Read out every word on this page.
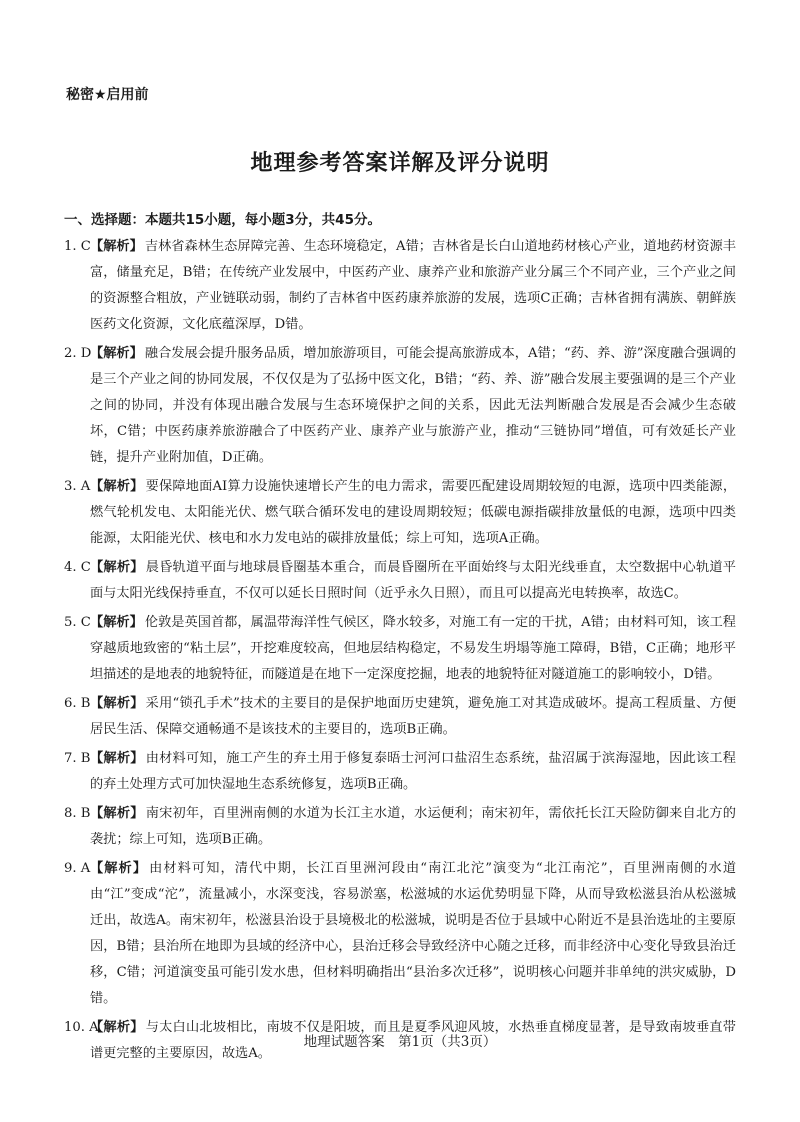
秘密★启用前
地理参考答案详解及评分说明
一、选择题：本题共15小题，每小题3分，共45分。
1. C 【解析】 吉林省森林生态屏障完善、生态环境稳定，A错；吉林省是长白山道地药材核心产业，道地药材资源丰富，储量充足，B错；在传统产业发展中，中医药产业、康养产业和旅游产业分属三个不同产业，三个产业之间的资源整合粗放，产业链联动弱，制约了吉林省中医药康养旅游的发展，选项C正确；吉林省拥有满族、朝鲜族医药文化资源，文化底蕴深厚，D错。
2. D
【解析】 融合发展会提升服务品质，增加旅游项目，可能会提高旅游成本，A错；“药、养、游”深度融合强调的是三个产业之间的协同发展，不仅仅是为了弘扬中医文化，B错；“药、养、游”融合发展主要强调的是三个产业之间的协同，并没有体现出融合发展与生态环境保护之间的关系，因此无法判断融合发展是否会减少生态破坏，C错；中医药康养旅游融合了中医药产业、康养产业与旅游产业，推动“三链协同”增值，可有效延长产业链，提升产业附加值，D正确。
3. A 【解析】 要保障地面AI算力设施快速增长产生的电力需求，需要匹配建设周期较短的电源，选项中四类能源，燃气轮机发电、太阳能光伏、燃气联合循环发电的建设周期较短；低碳电源指碳排放量低的电源，选项中四类能源，太阳能光伏、核电和水力发电站的碳排放量低；综上可知，选项A正确。
4. C 【解析】 晨昏轨道平面与地球晨昏圈基本重合，而晨昏圈所在平面始终与太阳光线垂直，太空数据中心轨道平面与太阳光线保持垂直，不仅可以延长日照时间（近乎永久日照），而且可以提高光电转换率，故选C。
5. C 【解析】 伦敦是英国首都，属温带海洋性气候区，降水较多，对施工有一定的干扰，A错；由材料可知，该工程穿越质地致密的“粘土层”，开挖难度较高，但地层结构稳定，不易发生坍塌等施工障碍，B错，C正确；地形平坦描述的是地表的地貌特征，而隧道是在地下一定深度挖掘，地表的地貌特征对隧道施工的影响较小，D错。
6. B 【解析】 采用“锁孔手术”技术的主要目的是保护地面历史建筑，避免施工对其造成破坏。提高工程质量、方便居民生活、保障交通畅通不是该技术的主要目的，选项B正确。
7. B 【解析】 由材料可知，施工产生的弃土用于修复泰晤士河河口盐沼生态系统，盐沼属于滨海湿地，因此该工程的弃土处理方式可加快湿地生态系统修复，选项B正确。
8. B 【解析】 南宋初年，百里洲南侧的水道为长江主水道，水运便利；南宋初年，需依托长江天险防御来自北方的袭扰；综上可知，选项B正确。
9. A 【解析】 由材料可知，清代中期，长江百里洲河段由“南江北沱”演变为“北江南沱”，百里洲南侧的水道由“江”变成“沱”，流量减小，水深变浅，容易淤塞，松滋城的水运优势明显下降，从而导致松滋县治从松滋城迁出，故选A。南宋初年，松滋县治设于县境极北的松滋城，说明是否位于县域中心附近不是县治选址的主要原因，B错；县治所在地即为县域的经济中心，县治迁移会导致经济中心随之迁移，而非经济中心变化导致县治迁移，C错；河道演变虽可能引发水患，但材料明确指出“县治多次迁移”，说明核心问题并非单纯的洪灾威胁，D错。
10. A
【解析】 与太白山北坡相比，南坡不仅是阳坡，而且是夏季风迎风坡，水热垂直梯度显著，是导致南坡垂直带谱更完整的主要原因，故选A。
地理试题答案　第1页（共3页）
